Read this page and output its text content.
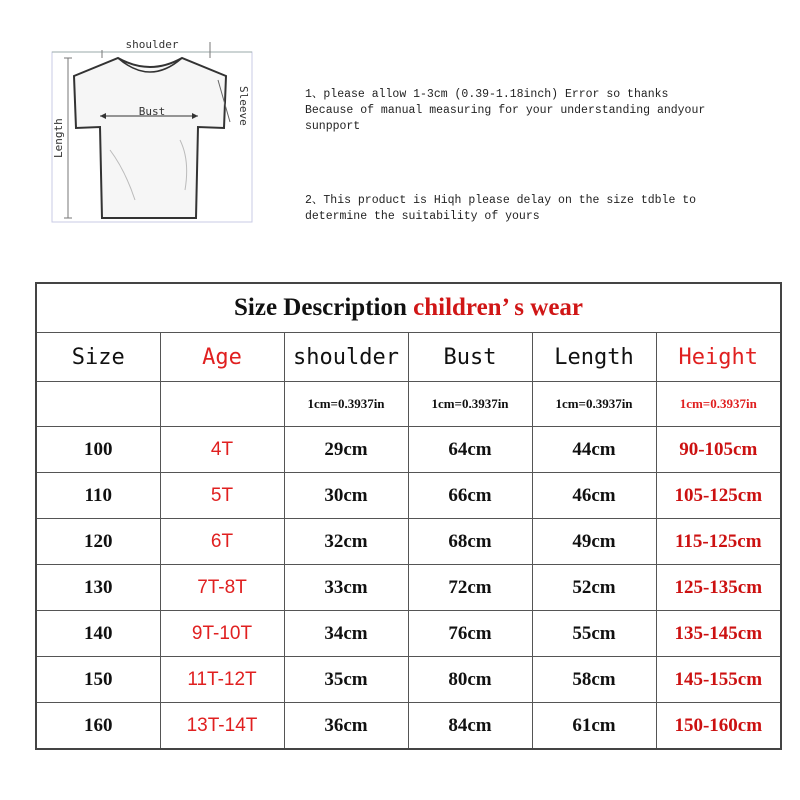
shoulder
Bust	Sleeve
Length
1、please allow 1-3cm (0.39-1.18inch) Error so thanks
Because of manual measuring for your understanding andyour
sunpport
2、This product is Hiqh please delay on the size tdble to
determine the suitability of yours
Size Description children’ s wear					
Size	Age	shoulder	Bust	Length	Height
		1cm=0.3937in	1cm=0.3937in	1cm=0.3937in	1cm=0.3937in
100	4T	29cm	64cm	44cm	90-105cm
110	5T	30cm	66cm	46cm	105-125cm
120	6T	32cm	68cm	49cm	115-125cm
130	7T-8T	33cm	72cm	52cm	125-135cm
140	9T-10T	34cm	76cm	55cm	135-145cm
150	11T-12T	35cm	80cm	58cm	145-155cm
160	13T-14T	36cm	84cm	61cm	150-160cm
